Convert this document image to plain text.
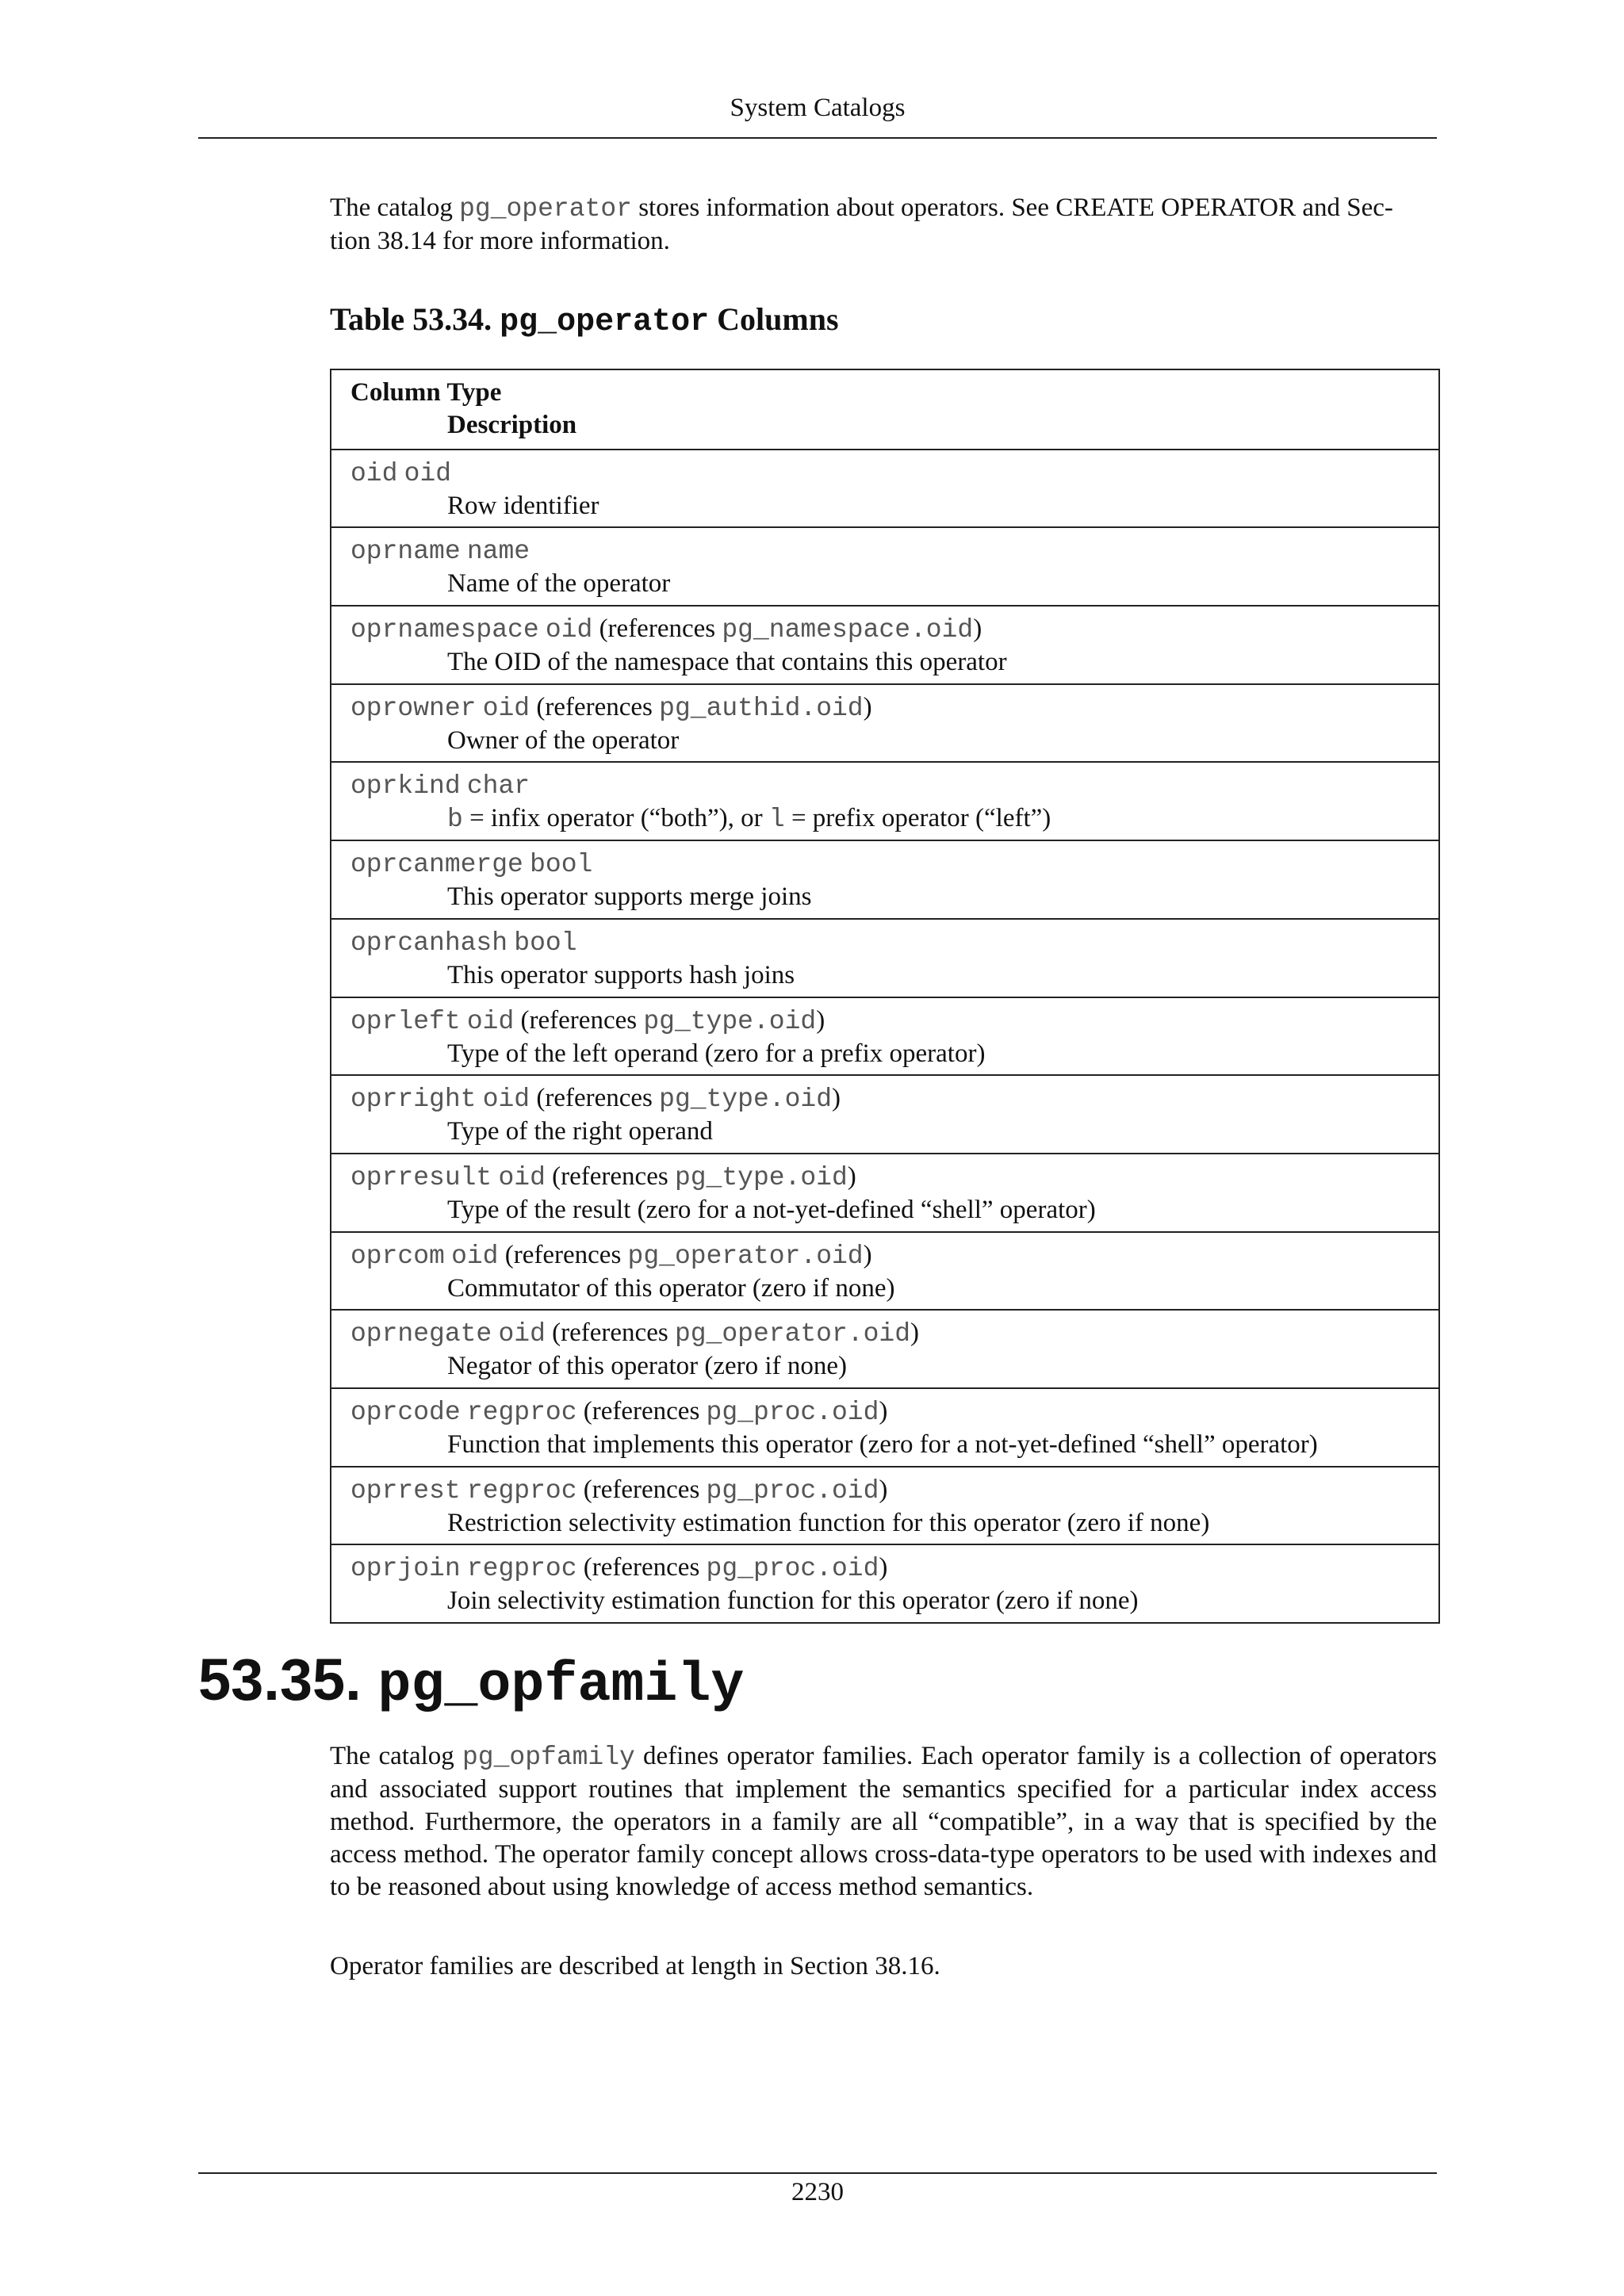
System Catalogs

The catalog pg_operator stores information about operators. See CREATE OPERATOR and Sec-
tion 38.14 for more information.

Table 53.34. pg_operator Columns
Column Type
Description
oid oid
Row identifier
oprname name
Name of the operator
oprnamespace oid (references pg_namespace.oid)
The OID of the namespace that contains this operator
oprowner oid (references pg_authid.oid)
Owner of the operator
oprkind char
b = infix operator (“both”), or l = prefix operator (“left”)
oprcanmerge bool
This operator supports merge joins
oprcanhash bool
This operator supports hash joins
oprleft oid (references pg_type.oid)
Type of the left operand (zero for a prefix operator)
oprright oid (references pg_type.oid)
Type of the right operand
oprresult oid (references pg_type.oid)
Type of the result (zero for a not-yet-defined “shell” operator)
oprcom oid (references pg_operator.oid)
Commutator of this operator (zero if none)
oprnegate oid (references pg_operator.oid)
Negator of this operator (zero if none)
oprcode regproc (references pg_proc.oid)
Function that implements this operator (zero for a not-yet-defined “shell” operator)
oprrest regproc (references pg_proc.oid)
Restriction selectivity estimation function for this operator (zero if none)
oprjoin regproc (references pg_proc.oid)
Join selectivity estimation function for this operator (zero if none)
53.35. pg_opfamily

The catalog pg_opfamily defines operator families. Each operator family is a collection of operators and associated support routines that implement the semantics specified for a particular index access method. Furthermore, the operators in a family are all “compatible”, in a way that is specified by the access method. The operator family concept allows cross-data-type operators to be used with indexes and to be reasoned about using knowledge of access method semantics.

Operator families are described at length in Section 38.16.

2230
